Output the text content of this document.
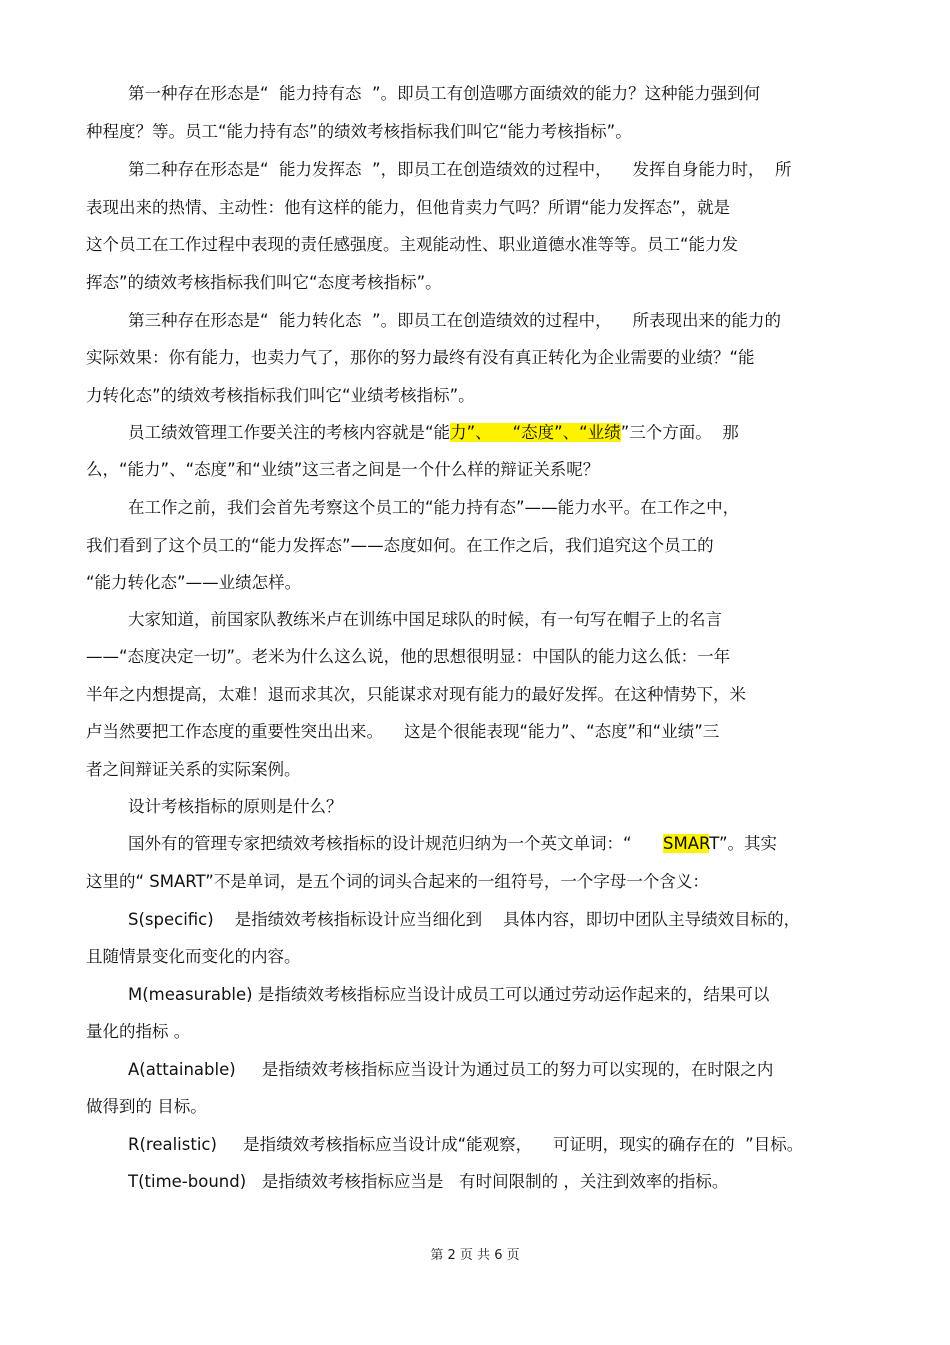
第一种存在形态是“  能力持有态  ”。即员工有创造哪方面绩效的能力？这种能力强到何
种程度？等。员工“能力持有态”的绩效考核指标我们叫它“能力考核指标”。
第二种存在形态是“  能力发挥态  ”，即员工在创造绩效的过程中，    发挥自身能力时，  所
表现出来的热情、主动性：他有这样的能力，但他肯卖力气吗？所谓“能力发挥态”，就是
这个员工在工作过程中表现的责任感强度。主观能动性、职业道德水准等等。员工“能力发
挥态”的绩效考核指标我们叫它“态度考核指标”。
第三种存在形态是“  能力转化态  ”。即员工在创造绩效的过程中，    所表现出来的能力的
实际效果：你有能力，也卖力气了，那你的努力最终有没有真正转化为企业需要的业绩？“能
力转化态”的绩效考核指标我们叫它“业绩考核指标”。
员工绩效管理工作要关注的考核内容就是“能力”、    “态度”、“业绩”三个方面。  那
么，“能力”、“态度”和“业绩”这三者之间是一个什么样的辩证关系呢？
在工作之前，我们会首先考察这个员工的“能力持有态”——能力水平。在工作之中，
我们看到了这个员工的“能力发挥态”——态度如何。在工作之后，我们追究这个员工的
“能力转化态”——业绩怎样。
大家知道，前国家队教练米卢在训练中国足球队的时候，有一句写在帽子上的名言
——“态度决定一切”。老米为什么这么说，他的思想很明显：中国队的能力这么低：一年
半年之内想提高，太难！退而求其次，只能谋求对现有能力的最好发挥。在这种情势下，米
卢当然要把工作态度的重要性突出出来。    这是个很能表现“能力”、“态度”和“业绩”三
者之间辩证关系的实际案例。
设计考核指标的原则是什么？
国外有的管理专家把绩效考核指标的设计规范归纳为一个英文单词：“      SMART”。其实
这里的“ SMART”不是单词，是五个词的词头合起来的一组符号，一个字母一个含义：
S(specific)    是指绩效考核指标设计应当细化到    具体内容，即切中团队主导绩效目标的，
且随情景变化而变化的内容。
M(measurable) 是指绩效考核指标应当设计成员工可以通过劳动运作起来的，结果可以
量化的指标 。
A(attainable)     是指绩效考核指标应当设计为通过员工的努力可以实现的，在时限之内
做得到的 目标。
R(realistic)     是指绩效考核指标应当设计成“能观察，    可证明，现实的确存在的  ”目标。
T(time-bound)   是指绩效考核指标应当是   有时间限制的 ，关注到效率的指标。
第 2 页 共 6 页
